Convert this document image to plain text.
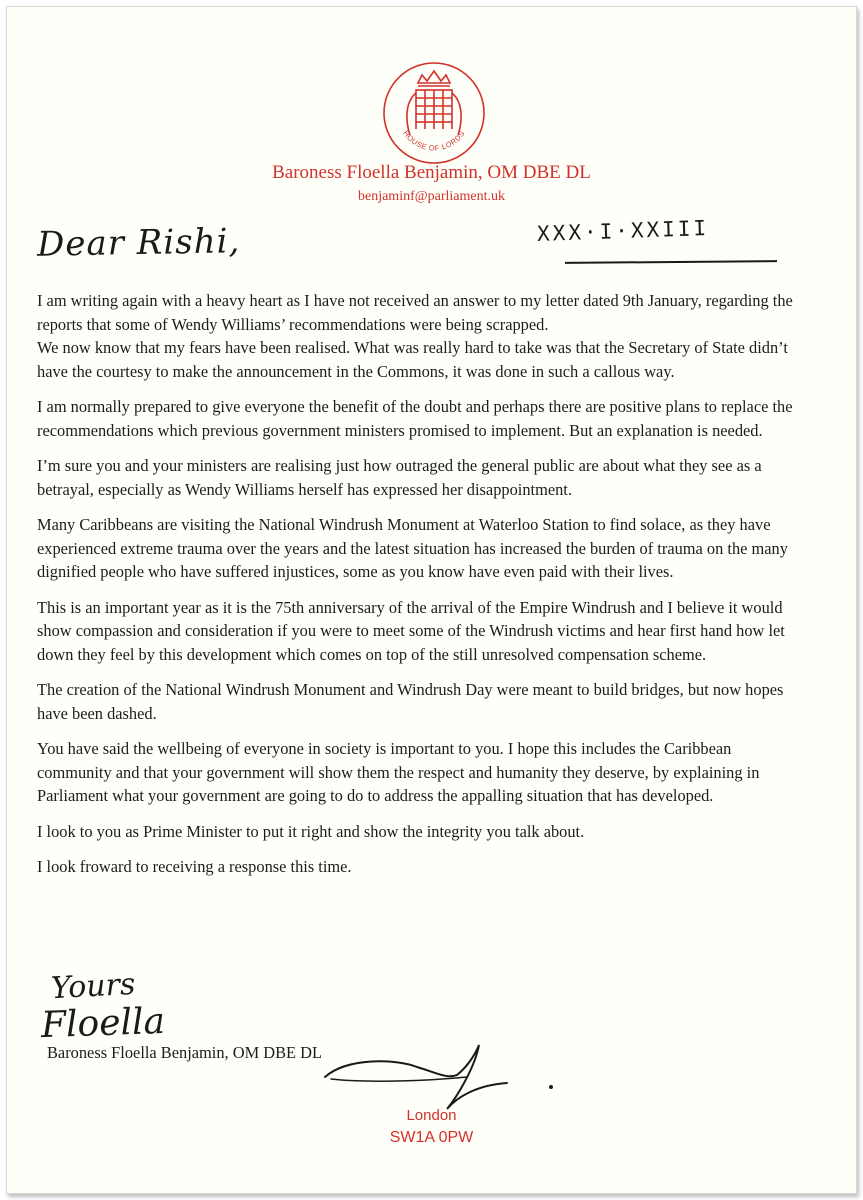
HOUSE OF LORDS
Baroness Floella Benjamin, OM DBE DL
benjaminf@parliament.uk
XXX·I·XXIII
Dear Rishi,

I am writing again with a heavy heart as I have not received an answer to my letter dated 9th January, regarding the reports that some of Wendy Williams’ recommendations were being scrapped.

We now know that my fears have been realised. What was really hard to take was that the Secretary of State didn’t have the courtesy to make the announcement in the Commons, it was done in such a callous way.

I am normally prepared to give everyone the benefit of the doubt and perhaps there are positive plans to replace the recommendations which previous government ministers promised to implement. But an explanation is needed.

I’m sure you and your ministers are realising just how outraged the general public are about what they see as a betrayal, especially as Wendy Williams herself has expressed her disappointment.

Many Caribbeans are visiting the National Windrush Monument at Waterloo Station to find solace, as they have experienced extreme trauma over the years and the latest situation has increased the burden of trauma on the many dignified people who have suffered injustices, some as you know have even paid with their lives.

This is an important year as it is the 75th anniversary of the arrival of the Empire Windrush and I believe it would show compassion and consideration if you were to meet some of the Windrush victims and hear first hand how let down they feel by this development which comes on top of the still unresolved compensation scheme.

The creation of the National Windrush Monument and Windrush Day were meant to build bridges, but now hopes have been dashed.

You have said the wellbeing of everyone in society is important to you. I hope this includes the Caribbean community and that your government will show them the respect and humanity they deserve, by explaining in Parliament what your government are going to do to address the appalling situation that has developed.

I look to you as Prime Minister to put it right and show the integrity you talk about.

I look froward to receiving a response this time.

Yours
Floella
Baroness Floella Benjamin, OM DBE DL
London
SW1A 0PW
